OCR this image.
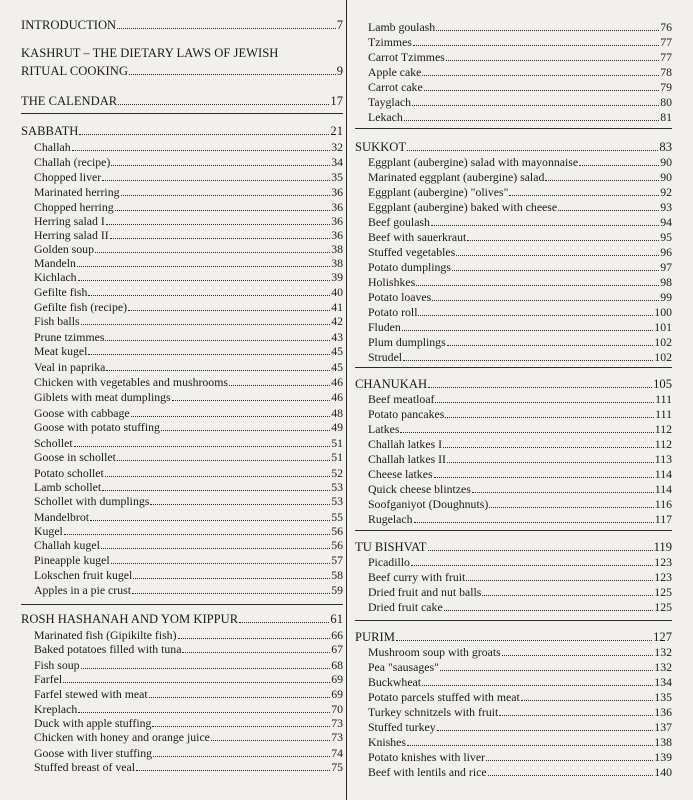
INTRODUCTION	7
KASHRUT – THE DIETARY LAWS OF JEWISH
RITUAL COOKING	9
THE CALENDAR	17
SABBATH	21
Challah	32
Challah (recipe)	34
Chopped liver	35
Marinated herring	36
Chopped herring	36
Herring salad I	36
Herring salad II	36
Golden soup	38
Mandeln	38
Kichlach	39
Gefilte fish	40
Gefilte fish (recipe)	41
Fish balls	42
Prune tzimmes	43
Meat kugel	45
Veal in paprika	45
Chicken with vegetables and mushrooms	46
Giblets with meat dumplings	46
Goose with cabbage	48
Goose with potato stuffing	49
Schollet	51
Goose in schollet	51
Potato schollet	52
Lamb schollet	53
Schollet with dumplings	53
Mandelbrot	55
Kugel	56
Challah kugel	56
Pineapple kugel	57
Lokschen fruit kugel	58
Apples in a pie crust	59
ROSH HASHANAH AND YOM KIPPUR	61
Marinated fish (Gipikilte fish)	66
Baked potatoes filled with tuna	67
Fish soup	68
Farfel	69
Farfel stewed with meat	69
Kreplach	70
Duck with apple stuffing	73
Chicken with honey and orange juice	73
Goose with liver stuffing	74
Stuffed breast of veal	75
Lamb goulash	76
Tzimmes	77
Carrot Tzimmes	77
Apple cake	78
Carrot cake	79
Tayglach	80
Lekach	81
SUKKOT	83
Eggplant (aubergine) salad with mayonnaise	90
Marinated eggplant (aubergine) salad	90
Eggplant (aubergine) "olives"	92
Eggplant (aubergine) baked with cheese	93
Beef goulash	94
Beef with sauerkraut	95
Stuffed vegetables	96
Potato dumplings	97
Holishkes	98
Potato loaves	99
Potato roll	100
Fluden	101
Plum dumplings	102
Strudel	102
CHANUKAH	105
Beef meatloaf	111
Potato pancakes	111
Latkes	112
Challah latkes I	112
Challah latkes II	113
Cheese latkes	114
Quick cheese blintzes	114
Soofganiyot (Doughnuts)	116
Rugelach	117
TU BISHVAT	119
Picadillo	123
Beef curry with fruit	123
Dried fruit and nut balls	125
Dried fruit cake	125
PURIM	127
Mushroom soup with groats	132
Pea "sausages"	132
Buckwheat	134
Potato parcels stuffed with meat	135
Turkey schnitzels with fruit	136
Stuffed turkey	137
Knishes	138
Potato knishes with liver	139
Beef with lentils and rice	140
